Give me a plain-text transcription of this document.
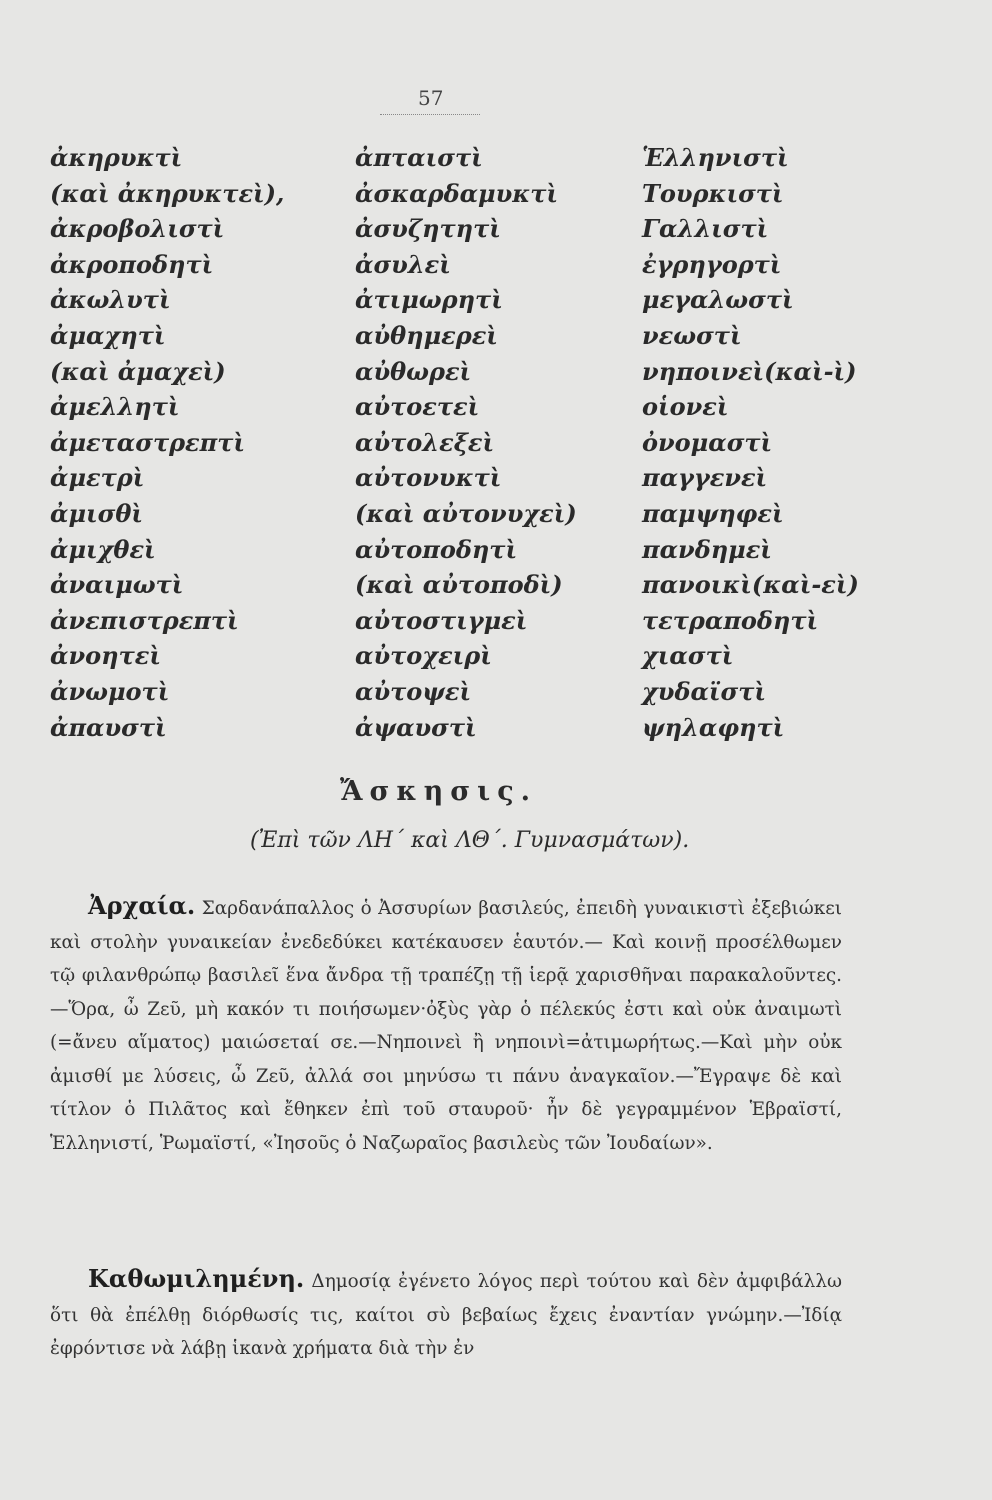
57
ἀκηρυκτὶ
(καὶ ἀκηρυκτεὶ),
ἀκροβολιστὶ
ἀκροποδητὶ
ἀκωλυτὶ
ἀμαχητὶ
(καὶ ἀμαχεὶ)
ἀμελλητὶ
ἀμεταστρεπτὶ
ἀμετρὶ
ἀμισθὶ
ἀμιχθεὶ
ἀναιμωτὶ
ἀνεπιστρεπτὶ
ἀνοητεὶ
ἀνωμοτὶ
ἀπαυστὶ
ἀπταιστὶ
ἀσκαρδαμυκτὶ
ἀσυζητητὶ
ἀσυλεὶ
ἀτιμωρητὶ
αὐθημερεὶ
αὐθωρεὶ
αὐτοετεὶ
αὐτολεξεὶ
αὐτονυκτὶ
(καὶ αὐτονυχεὶ)
αὐτοποδητὶ
(καὶ αὐτοποδὶ)
αὐτοστιγμεὶ
αὐτοχειρὶ
αὐτοψεὶ
ἀψαυστὶ
Ἑλληνιστὶ
Τουρκιστὶ
Γαλλιστὶ
ἐγρηγορτὶ
μεγαλωστὶ
νεωστὶ
νηποινεὶ(καὶ-ὶ)
οἱονεὶ
ὀνομαστὶ
παγγενεὶ
παμψηφεὶ
πανδημεὶ
πανοικὶ(καὶ-εὶ)
τετραποδητὶ
χιαστὶ
χυδαϊστὶ
ψηλαφητὶ
Ἄσκησις.
(Ἐπὶ τῶν ΛΗ΄ καὶ ΛΘ΄. Γυμνασμάτων).
Ἀρχαία. Σαρδανάπαλλος ὁ Ἀσσυρίων βασιλεύς, ἐπειδὴ γυναικιστὶ ἐξεβιώκει καὶ στολὴν γυναικείαν ἐνεδεδύκει κατέκαυσεν ἑαυτόν.— Καὶ κοινῇ προσέλθωμεν τῷ φιλανθρώπῳ βασιλεῖ ἕνα ἄνδρα τῇ τραπέζῃ τῇ ἱερᾷ χαρισθῆναι παρακαλοῦντες.—Ὅρα, ὦ Ζεῦ, μὴ κακόν τι ποιήσωμεν·ὀξὺς γὰρ ὁ πέλεκύς ἐστι καὶ οὐκ ἀναιμωτὶ (=ἄνευ αἵματος) μαιώσεταί σε.—Νηποινεὶ ἢ νηποινὶ=ἀτιμωρήτως.—Καὶ μὴν οὐκ ἀμισθί με λύσεις, ὦ Ζεῦ, ἀλλά σοι μηνύσω τι πάνυ ἀναγκαῖον.—Ἔγραψε δὲ καὶ τίτλον ὁ Πιλᾶτος καὶ ἔθηκεν ἐπὶ τοῦ σταυροῦ· ἦν δὲ γεγραμμένον Ἑβραϊστί, Ἑλληνιστί, Ῥωμαϊστί, «Ἰησοῦς ὁ Ναζωραῖος βασιλεὺς τῶν Ἰουδαίων».
Καθωμιλημένη. Δημοσίᾳ ἐγένετο λόγος περὶ τούτου καὶ δὲν ἀμφιβάλλω ὅτι θὰ ἐπέλθῃ διόρθωσίς τις, καίτοι σὺ βεβαίως ἔχεις ἐναντίαν γνώμην.—Ἰδίᾳ ἐφρόντισε νὰ λάβῃ ἱκανὰ χρήματα διὰ τὴν ἐν
